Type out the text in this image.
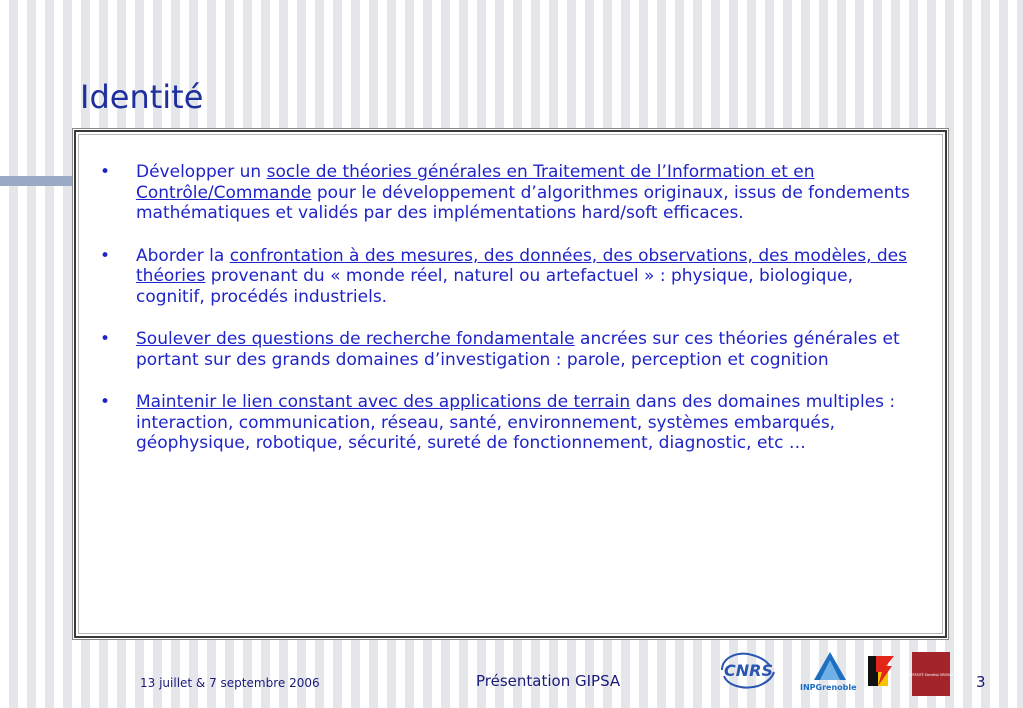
Identité
• Développer un socle de théories générales en Traitement de l’Information et en Contrôle/Commande pour le développement d’algorithmes originaux, issus de fondements mathématiques et validés par des implémentations hard/soft efficaces.
• Aborder la confrontation à des mesures, des données, des observations, des modèles, des théories provenant du « monde réel, naturel ou artefactuel » : physique, biologique, cognitif, procédés industriels.
• Soulever des questions de recherche fondamentale ancrées sur ces théories générales et portant sur des grands domaines d’investigation : parole, perception et cognition
• Maintenir le lien constant avec des applications de terrain dans des domaines multiples : interaction, communication, réseau, santé, environnement, systèmes embarqués, géophysique, robotique, sécurité, sureté de fonctionnement, diagnostic, etc …
13 juillet & 7 septembre 2006	Présentation GIPSA	3
CNRS
INPGrenoble
UNIVERSITÉ Stendhal GRENOBLE
